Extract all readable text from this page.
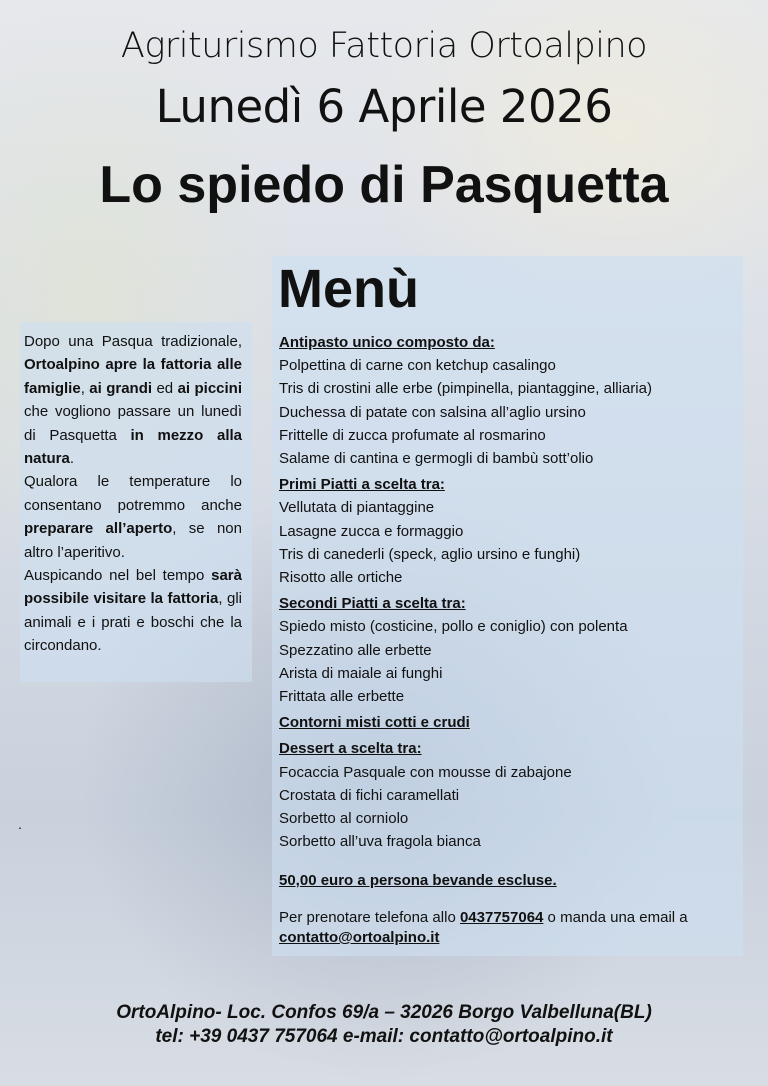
Agriturismo Fattoria Ortoalpino
Lunedì 6 Aprile 2026
Lo spiedo di Pasquetta

Dopo una Pasqua tradizionale, Ortoalpino apre la fattoria alle famiglie, ai grandi ed ai piccini che vogliono passare un lunedì di Pasquetta in mezzo alla natura.

Qualora le temperature lo consentano potremmo anche preparare all’aperto, se non altro l’aperitivo.

Auspicando nel bel tempo sarà possibile visitare la fattoria, gli animali e i prati e boschi che la circondano.

Menù
Antipasto unico composto da:
Polpettina di carne con ketchup casalingo
Tris di crostini alle erbe (pimpinella, piantaggine, alliaria)
Duchessa di patate con salsina all’aglio ursino
Frittelle di zucca profumate al rosmarino
Salame di cantina e germogli di bambù sott’olio
Primi Piatti a scelta tra:
Vellutata di piantaggine
Lasagne zucca e formaggio
Tris di canederli (speck, aglio ursino e funghi)
Risotto alle ortiche
Secondi Piatti a scelta tra:
Spiedo misto (costicine, pollo e coniglio) con polenta
Spezzatino alle erbette
Arista di maiale ai funghi
Frittata alle erbette
Contorni misti cotti e crudi
Dessert a scelta tra:
Focaccia Pasquale con mousse di zabajone
Crostata di fichi caramellati
Sorbetto al corniolo
Sorbetto all’uva fragola bianca
50,00 euro a persona bevande escluse.
Per prenotare telefona allo 0437757064 o manda una email a contatto@ortoalpino.it
.
OrtoAlpino- Loc. Confos 69/a – 32026 Borgo Valbelluna(BL)
tel: +39 0437 757064 e-mail: contatto@ortoalpino.it
